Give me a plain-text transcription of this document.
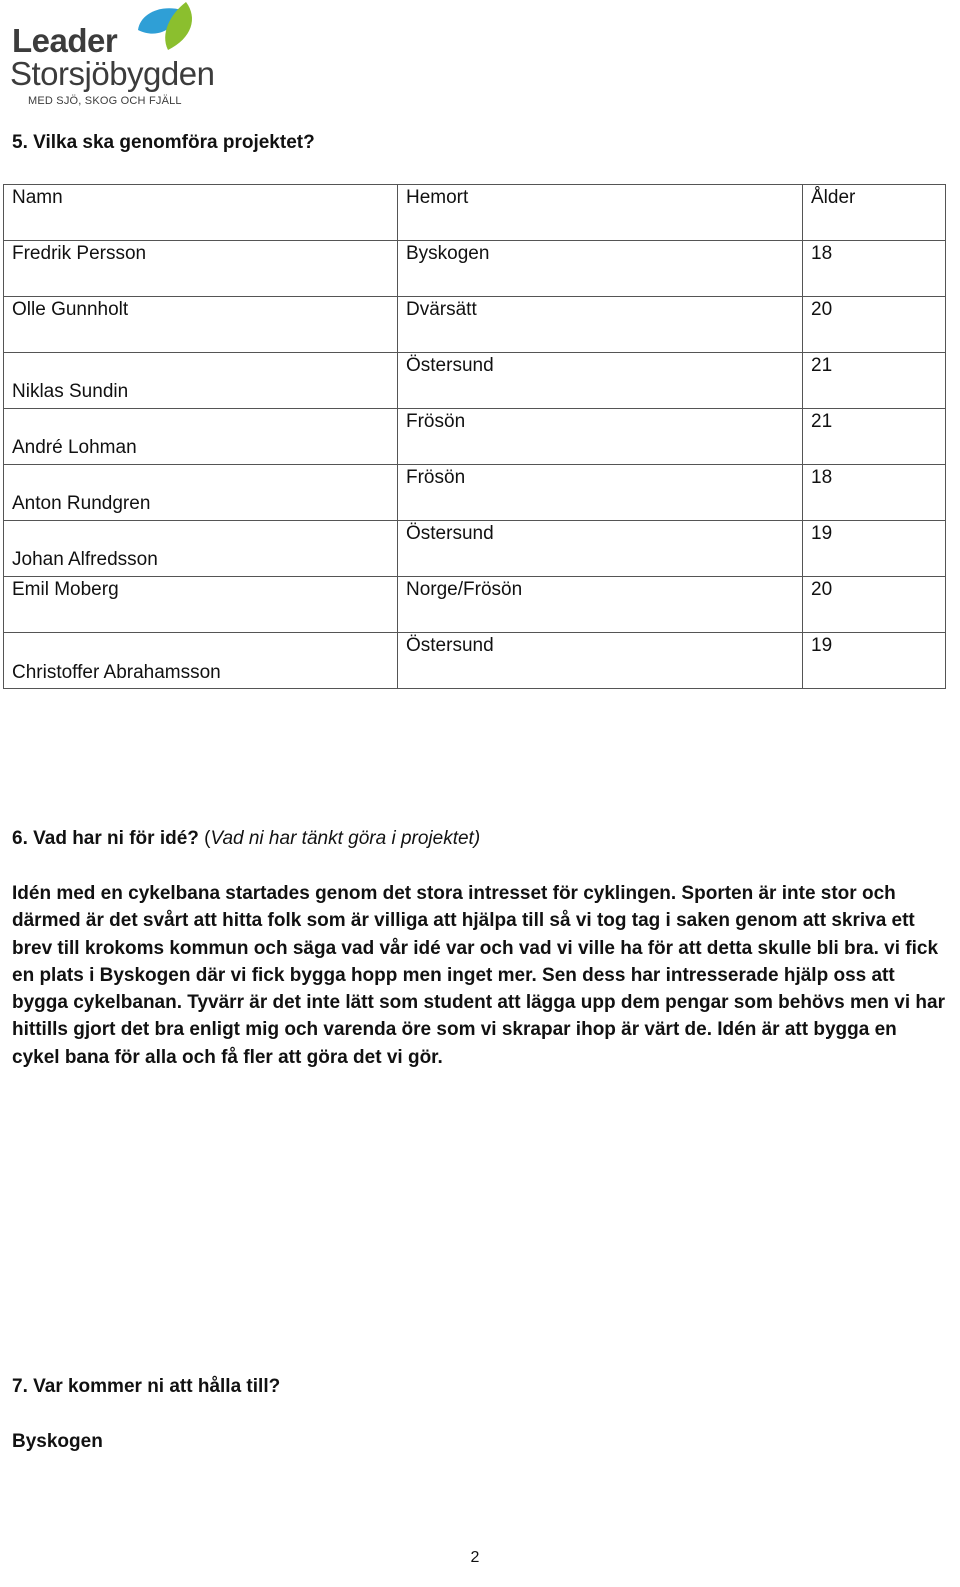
Leader
Storsjöbygden
MED SJÖ, SKOG OCH FJÄLL
5. Vilka ska genomföra projektet?
Namn	Hemort	Ålder

Fredrik Persson	Byskogen	18

Olle Gunnholt	Dvärsätt	20

Niklas Sundin	Östersund	21

André Lohman	Frösön	21

Anton Rundgren	Frösön	18

Johan Alfredsson	Östersund	19

Emil Moberg	Norge/Frösön	20

Christoffer Abrahamsson	Östersund	19
6. Vad har ni för idé? (Vad ni har tänkt göra i projektet)
Idén med en cykelbana startades genom det stora intresset för cyklingen. Sporten är inte stor och därmed är det svårt att hitta folk som är villiga att hjälpa till så vi tog tag i saken genom att skriva ett brev till krokoms kommun och säga vad vår idé var och vad vi ville ha för att detta skulle bli bra. vi fick en plats i Byskogen där vi fick bygga hopp men inget mer. Sen dess har intresserade hjälp oss att bygga cykelbanan. Tyvärr är det inte lätt som student att lägga upp dem pengar som behövs men vi har hittills gjort det bra enligt mig och varenda öre som vi skrapar ihop är värt de. Idén är att bygga en cykel bana för alla och få fler att göra det vi gör.
7. Var kommer ni att hålla till?
Byskogen
2
